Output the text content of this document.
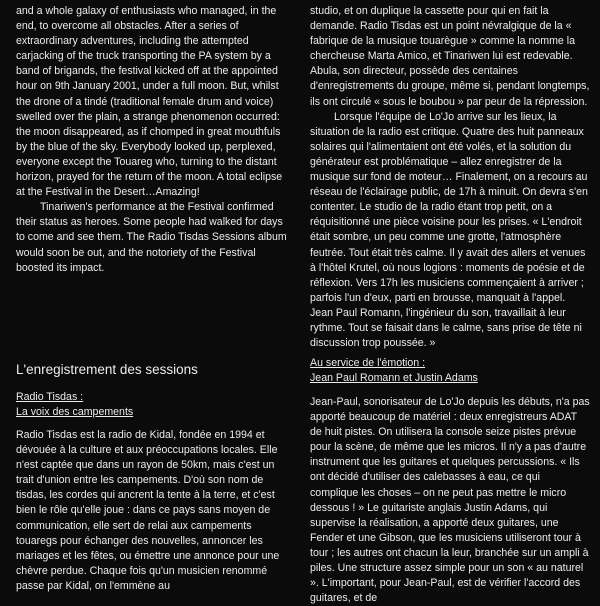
and a whole galaxy of enthusiasts who managed, in the end, to overcome all obstacles. After a series of extraordinary adventures, including the attempted carjacking of the truck transporting the PA system by a band of brigands, the festival kicked off at the appointed hour on 9th January 2001, under a full moon. But, whilst the drone of a tindé (traditional female drum and voice) swelled over the plain, a strange phenomenon occurred: the moon disappeared, as if chomped in great mouthfuls by the blue of the sky. Everybody looked up, perplexed, everyone except the Touareg who, turning to the distant horizon, prayed for the return of the moon. A total eclipse at the Festival in the Desert…Amazing!

Tinariwen's performance at the Festival confirmed their status as heroes. Some people had walked for days to come and see them. The Radio Tisdas Sessions album would soon be out, and the notoriety of the Festival boosted its impact.

studio, et on duplique la cassette pour qui en fait la demande. Radio Tisdas est un point névralgique de la « fabrique de la musique touarègue » comme la nomme la chercheuse Marta Amico, et Tinariwen lui est redevable. Abula, son directeur, possède des centaines d'enregistrements du groupe, même si, pendant longtemps, ils ont circulé « sous le boubou » par peur de la répression.

Lorsque l'équipe de Lo'Jo arrive sur les lieux, la situation de la radio est critique. Quatre des huit panneaux solaires qui l'alimentaient ont été volés, et la solution du générateur est problématique – allez enregistrer de la musique sur fond de moteur… Finalement, on a recours au réseau de l'éclairage public, de 17h à minuit. On devra s'en contenter. Le studio de la radio étant trop petit, on a réquisitionné une pièce voisine pour les prises. « L'endroit était sombre, un peu comme une grotte, l'atmosphère feutrée. Tout était très calme. Il y avait des allers et venues à l'hôtel Krutel, où nous logions : moments de poésie et de réflexion. Vers 17h les musiciens commençaient à arriver ; parfois l'un d'eux, parti en brousse, manquait à l'appel. Jean Paul Romann, l'ingénieur du son, travaillait à leur rythme. Tout se faisait dans le calme, sans prise de tête ni discussion trop poussée. »

L'enregistrement des sessions
Radio Tisdas :
La voix des campements
Au service de l'émotion :
Jean Paul Romann et Justin Adams

Radio Tisdas est la radio de Kidal, fondée en 1994 et dévouée à la culture et aux préoccupations locales. Elle n'est captée que dans un rayon de 50km, mais c'est un trait d'union entre les campements. D'où son nom de tisdas, les cordes qui ancrent la tente à la terre, et c'est bien le rôle qu'elle joue : dans ce pays sans moyen de communication, elle sert de relai aux campements touaregs pour échanger des nouvelles, annoncer les mariages et les fêtes, ou émettre une annonce pour une chèvre perdue. Chaque fois qu'un musicien renommé passe par Kidal, on l'emmène au

Jean-Paul, sonorisateur de Lo'Jo depuis les débuts, n'a pas apporté beaucoup de matériel : deux enregistreurs ADAT de huit pistes. On utilisera la console seize pistes prévue pour la scène, de même que les micros. Il n'y a pas d'autre instrument que les guitares et quelques percussions. « Ils ont décidé d'utiliser des calebasses à eau, ce qui complique les choses – on ne peut pas mettre le micro dessous ! » Le guitariste anglais Justin Adams, qui supervise la réalisation, a apporté deux guitares, une Fender et une Gibson, que les musiciens utiliseront tour à tour ; les autres ont chacun la leur, branchée sur un ampli à piles. Une structure assez simple pour un son « au naturel ». L'important, pour Jean-Paul, est de vérifier l'accord des guitares, et de
